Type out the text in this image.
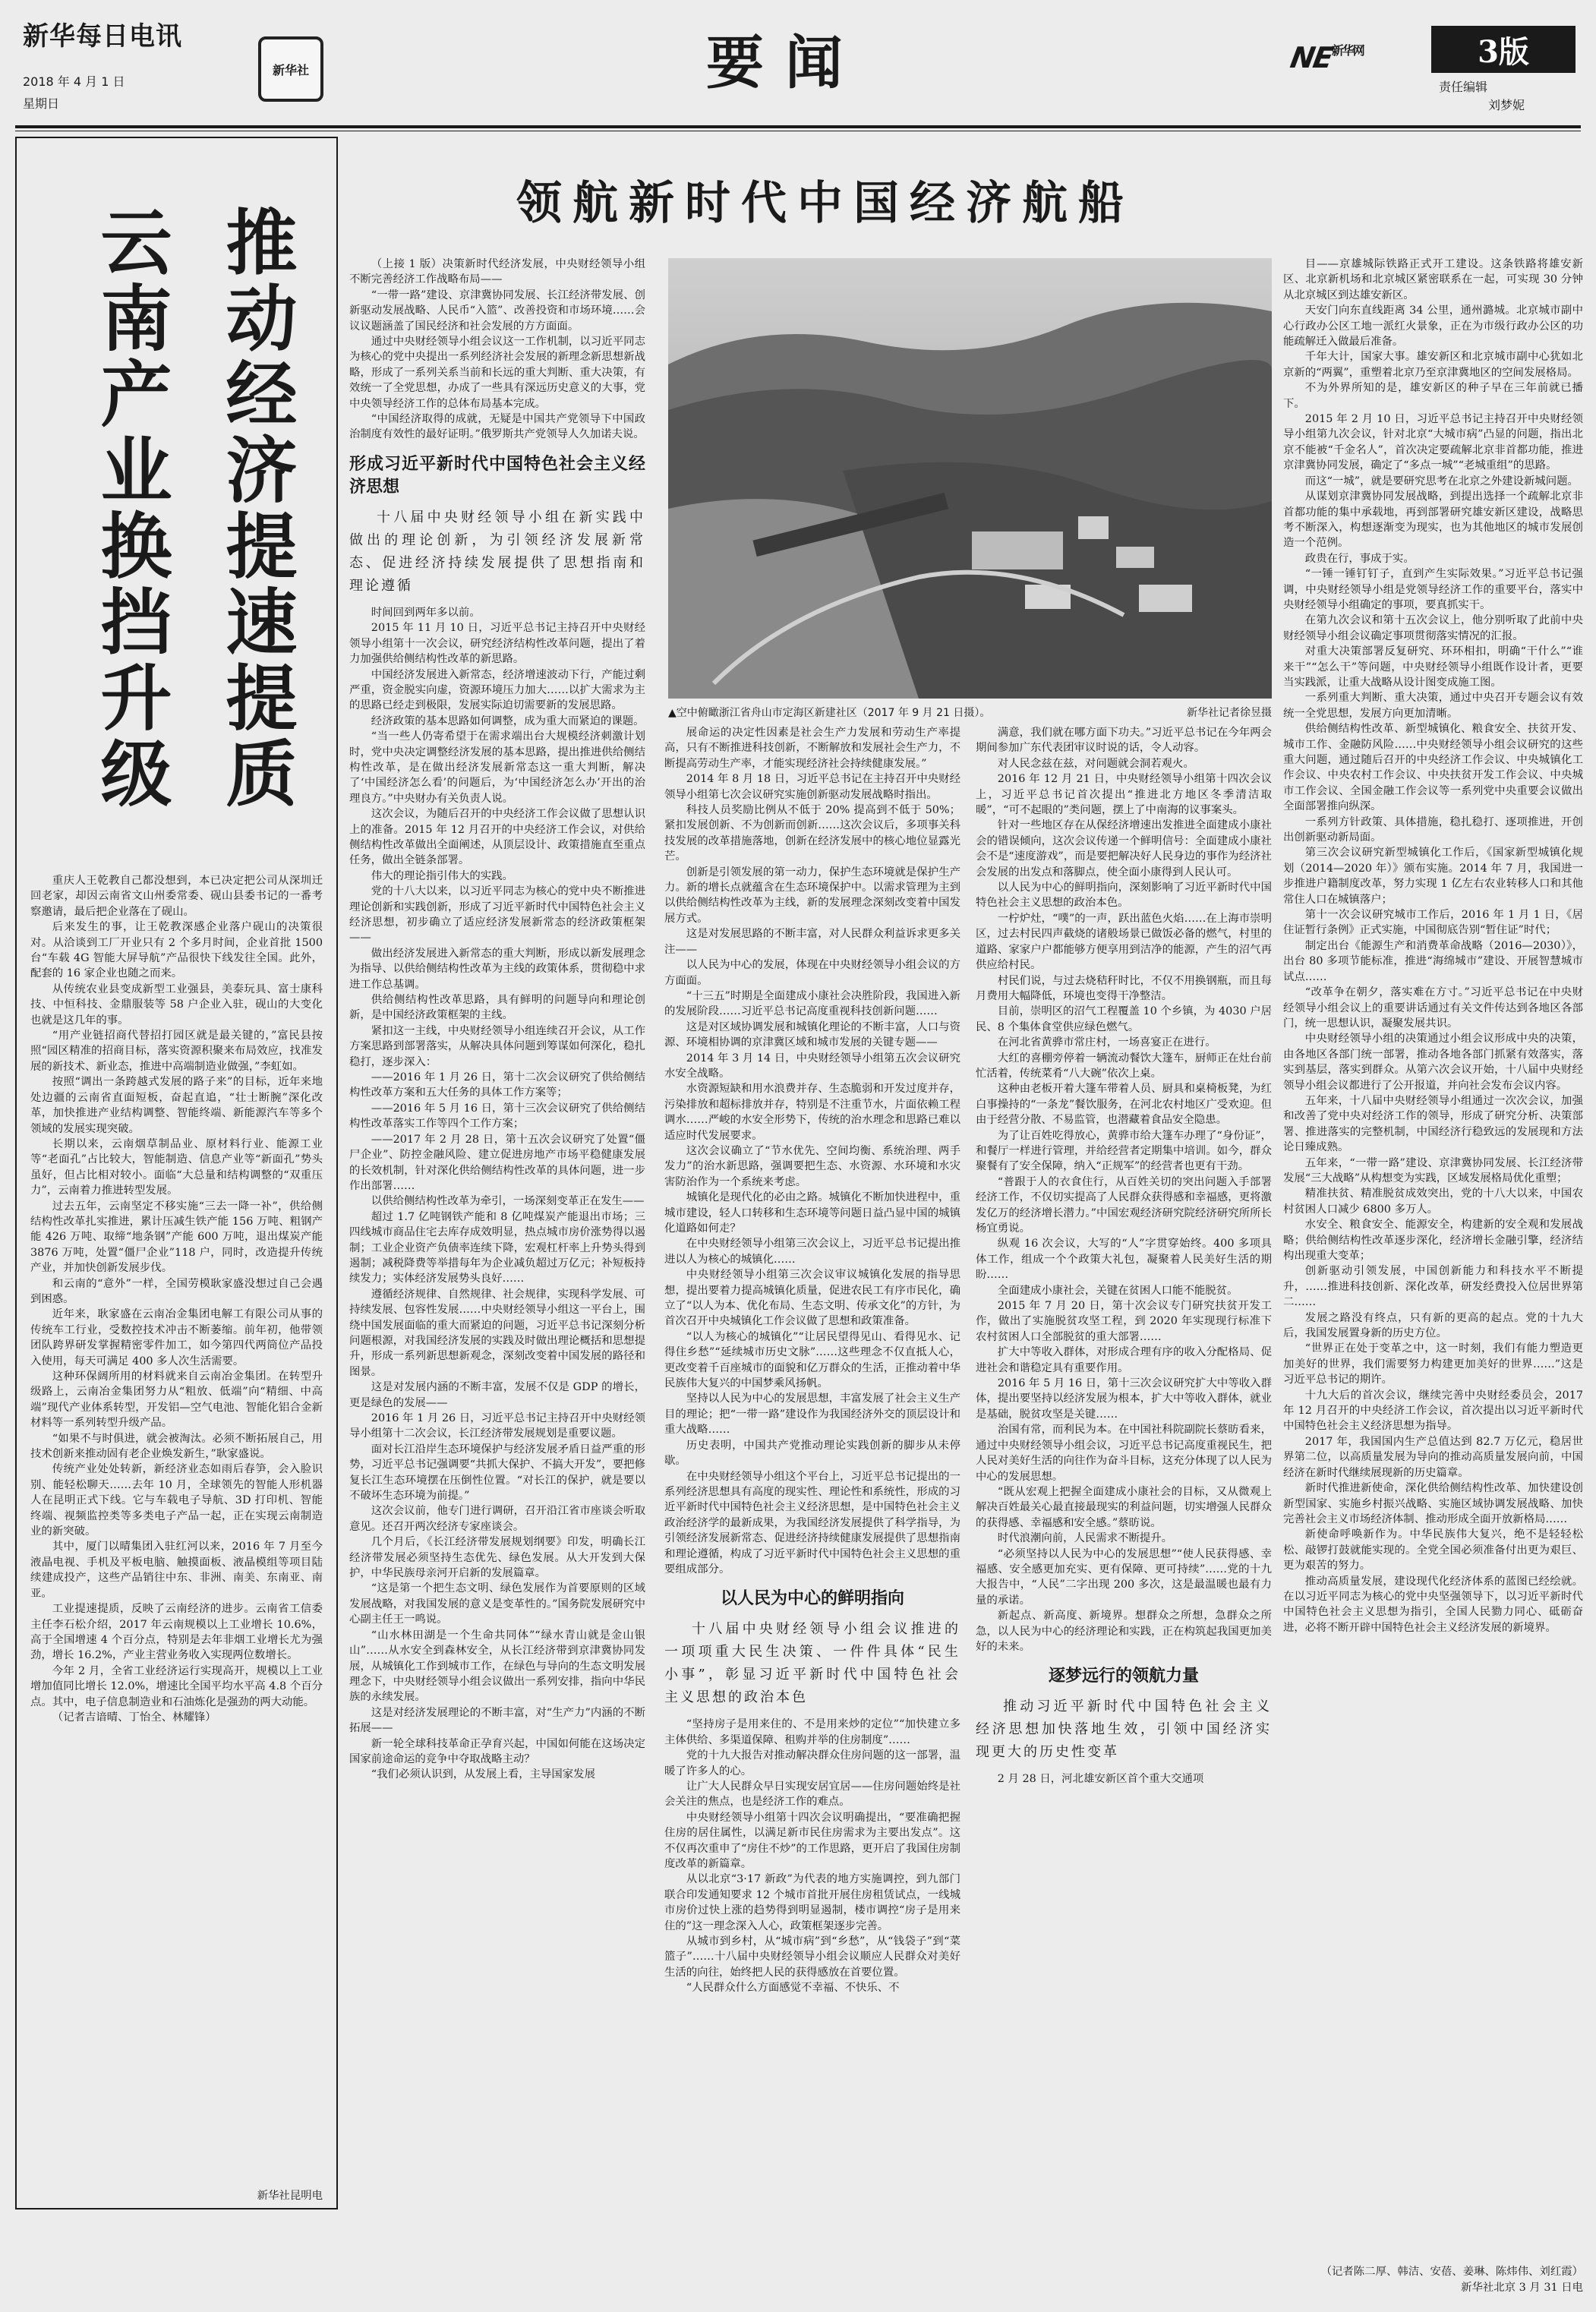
新华每日电讯
2018 年 4 月 1 日
星期日
新华社	要闻	$NE^{新华网}$	3版
责任编辑
刘梦妮
推动经济提速提质
云南产业换挡升级

重庆人王乾教自己都没想到，本已决定把公司从深圳迁回老家，却因云南省文山州委常委、砚山县委书记的一番考察邀请，最后把企业落在了砚山。

后来发生的事，让王乾教深感企业落户砚山的决策很对。从洽谈到工厂开业只有 2 个多月时间，企业首批 1500 台“车载 4G 智能大屏导航”产品很快下线发往全国。此外，配套的 16 家企业也随之而来。

从传统农业县变成新型工业强县，美泰玩具、富士康科技、中恒科技、金鼎服装等 58 户企业入驻，砚山的大变化也就是这几年的事。

“用产业链招商代替招打园区就是最关键的，”富民县按照“园区精准的招商目标，落实资源积聚来布局效应，找准发展的新技术、新业态，推进中高端制造业做强，”李虹如。

按照“调出一条跨越式发展的路子来”的目标，近年来地处边疆的云南省直面短板，奋起直追，“壮士断腕”深化改革，加快推进产业结构调整、智能终端、新能源汽车等多个领域的发展实现突破。

长期以来，云南烟草制品业、原材料行业、能源工业等“老面孔”占比较大，智能制造、信息产业等“新面孔”势头虽好，但占比相对较小。面临“大总量和结构调整的“双重压力”，云南着力推进转型发展。

过去五年，云南坚定不移实施“三去一降一补”，供给侧结构性改革扎实推进，累计压减生铁产能 156 万吨、粗钢产能 426 万吨、取缔“地条钢”产能 600 万吨，退出煤炭产能 3876 万吨，处置“僵尸企业”118 户，同时，改造提升传统产业，并加快创新发展步伐。

和云南的“意外”一样，全国劳模耿家盛没想过自己会遇到困惑。

近年来，耿家盛在云南冶金集团电解工有限公司从事的传统车工行业，受数控技术冲击不断萎缩。前年初，他带领团队跨界研发掌握精密零件加工，如今第四代两筒位产品投入使用，每天可满足 400 多人次生活需要。

这种环保阔所用的材料就来自云南冶金集团。在转型升级路上，云南冶金集团努力从“粗放、低端”向“精细、中高端”现代产业体系转型，开发铝—空气电池、智能化铝合金新材料等一系列转型升级产品。

“如果不与时俱进，就会被淘汰。必须不断拓展自己，用技术创新来推动固有老企业焕发新生，”耿家盛说。

传统产业处处转新，新经济业态如雨后春笋，会入脸识别、能轻松聊天……去年 10 月，全球领先的智能人形机器人在昆明正式下线。它与车载电子导航、3D 打印机、智能终端、视频监控类等多类电子产品一起，正在实现云南制造业的新突破。

其中，厦门以晴集团入驻红河以来，2016 年 7 月至今液晶电视、手机及平板电脑、触摸面板、液晶模组等项目陆续建成投产，这些产品销往中东、非洲、南美、东南亚、南亚。

工业提速提质，反映了云南经济的进步。云南省工信委主任李石松介绍，2017 年云南规模以上工业增长 10.6%，高于全国增速 4 个百分点，特别是去年非烟工业增长尤为强劲，增长 16.2%，产业主营业务收入实现两位数增长。

今年 2 月，全省工业经济运行实现高开，规模以上工业增加值同比增长 12.0%，增速比全国平均水平高 4.8 个百分点。其中，电子信息制造业和石油炼化是强劲的两大动能。

（记者吉谙晴、丁怡全、林耀锋）

新华社昆明电
领航新时代中国经济航船
▲空中俯瞰浙江省舟山市定海区新建社区（2017 年 9 月 21 日摄）。	新华社记者徐昱摄

（上接 1 版）决策新时代经济发展，中央财经领导小组不断完善经济工作战略布局——

“一带一路”建设、京津冀协同发展、长江经济带发展、创新驱动发展战略、人民币“入篮”、改善投资和市场环境……会议议题涵盖了国民经济和社会发展的方方面面。

通过中央财经领导小组会议这一工作机制，以习近平同志为核心的党中央提出一系列经济社会发展的新理念新思想新战略，形成了一系列关系当前和长远的重大判断、重大决策，有效统一了全党思想，办成了一些具有深远历史意义的大事，党中央领导经济工作的总体布局基本完成。

“中国经济取得的成就，无疑是中国共产党领导下中国政治制度有效性的最好证明。”俄罗斯共产党领导人久加诺夫说。

形成习近平新时代中国特色社会主义经济思想
十八届中央财经领导小组在新实践中做出的理论创新，为引领经济发展新常态、促进经济持续发展提供了思想指南和理论遵循

时间回到两年多以前。

2015 年 11 月 10 日，习近平总书记主持召开中央财经领导小组第十一次会议，研究经济结构性改革问题，提出了着力加强供给侧结构性改革的新思路。

中国经济发展进入新常态，经济增速波动下行，产能过剩严重，资金脱实向虚，资源环境压力加大……以扩大需求为主的思路已经走到极限，发展实际迫切需要新的发展思路。

经济政策的基本思路如何调整，成为重大而紧迫的课题。

“当一些人仍寄希望于在需求端出台大规模经济刺激计划时，党中央决定调整经济发展的基本思路，提出推进供给侧结构性改革，是在做出经济发展新常态这一重大判断，解决了‘中国经济怎么看’的问题后，为‘中国经济怎么办’开出的治理良方。”中央财办有关负责人说。

这次会议，为随后召开的中央经济工作会议做了思想认识上的准备。2015 年 12 月召开的中央经济工作会议，对供给侧结构性改革做出全面阐述，从顶层设计、政策措施直至重点任务，做出全链条部署。

伟大的理论指引伟大的实践。

党的十八大以来，以习近平同志为核心的党中央不断推进理论创新和实践创新，形成了习近平新时代中国特色社会主义经济思想，初步确立了适应经济发展新常态的经济政策框架——

做出经济发展进入新常态的重大判断，形成以新发展理念为指导、以供给侧结构性改革为主线的政策体系，贯彻稳中求进工作总基调。

供给侧结构性改革思路，具有鲜明的问题导向和理论创新，是中国经济政策框架的主线。

紧扣这一主线，中央财经领导小组连续召开会议，从工作方案思路到部署落实，从解决具体问题到筹谋如何深化，稳扎稳打，逐步深入：

——2016 年 1 月 26 日，第十二次会议研究了供给侧结构性改革方案和五大任务的具体工作方案等；

——2016 年 5 月 16 日，第十三次会议研究了供给侧结构性改革落实工作等四个工作方案；

——2017 年 2 月 28 日，第十五次会议研究了处置“僵尸企业”、防控金融风险、建立促进房地产市场平稳健康发展的长效机制，针对深化供给侧结构性改革的具体问题，进一步作出部署……

以供给侧结构性改革为牵引，一场深刻变革正在发生——

超过 1.7 亿吨钢铁产能和 8 亿吨煤炭产能退出市场；三四线城市商品住宅去库存成效明显，热点城市房价涨势得以遏制；工业企业资产负债率连续下降，宏观杠杆率上升势头得到遏制；减税降费等举措每年为企业减负超过万亿元；补短板持续发力；实体经济发展势头良好……

遵循经济规律、自然规律、社会规律，实现科学发展、可持续发展、包容性发展……中央财经领导小组这一平台上，围绕中国发展面临的重大而紧迫的问题，习近平总书记深刻分析问题根源，对我国经济发展的实践及时做出理论概括和思想提升，形成一系列新思想新观念，深刻改变着中国发展的路径和图景。

这是对发展内涵的不断丰富，发展不仅是 GDP 的增长，更是绿色的发展——

2016 年 1 月 26 日，习近平总书记主持召开中央财经领导小组第十二次会议，长江经济带发展规划是重要议题。

面对长江沿岸生态环境保护与经济发展矛盾日益严重的形势，习近平总书记强调要“共抓大保护、不搞大开发”，要把修复长江生态环境摆在压倒性位置。“对长江的保护，就是要以不破坏生态环境为前提。”

这次会议前，他专门进行调研，召开沿江省市座谈会听取意见。还召开两次经济专家座谈会。

几个月后，《长江经济带发展规划纲要》印发，明确长江经济带发展必须坚持生态优先、绿色发展。从大开发到大保护，中华民族母亲河开启新的发展篇章。

“这是第一个把生态文明、绿色发展作为首要原则的区域发展战略，对我国发展的意义是变革性的。”国务院发展研究中心副主任王一鸣说。

“山水林田湖是一个生命共同体”“绿水青山就是金山银山”……从水安全到森林安全，从长江经济带到京津冀协同发展，从城镇化工作到城市工作，在绿色与导向的生态文明发展理念下，中央财经领导小组会议做出一系列安排，指向中华民族的永续发展。

这是对经济发展理论的不断丰富，对“生产力”内涵的不断拓展——

新一轮全球科技革命正孕育兴起，中国如何能在这场决定国家前途命运的竞争中夺取战略主动？

“我们必须认识到，从发展上看，主导国家发展

展命运的决定性因素是社会生产力发展和劳动生产率提高，只有不断推进科技创新，不断解放和发展社会生产力，不断提高劳动生产率，才能实现经济社会持续健康发展。”

2014 年 8 月 18 日，习近平总书记在主持召开中央财经领导小组第七次会议研究实施创新驱动发展战略时指出。

科技人员奖励比例从不低于 20% 提高到不低于 50%；紧扣发展创新、不为创新而创新……这次会议后，多项事关科技发展的改革措施落地，创新在经济发展中的核心地位显露光芒。

创新是引领发展的第一动力，保护生态环境就是保护生产力。新的增长点就蕴含在生态环境保护中。以需求管理为主到以供给侧结构性改革为主线，新的发展理念深刻改变着中国发展方式。

这是对发展思路的不断丰富，对人民群众利益诉求更多关注——

以人民为中心的发展，体现在中央财经领导小组会议的方方面面。

“十三五”时期是全面建成小康社会决胜阶段，我国进入新的发展阶段……习近平总书记高度重视科技创新问题……

这是对区域协调发展和城镇化理论的不断丰富，人口与资源、环境相协调的京津冀区域和城市发展的关键专题——

2014 年 3 月 14 日，中央财经领导小组第五次会议研究水安全战略。

水资源短缺和用水浪费并存、生态脆弱和开发过度并存，污染排放和超标排放并存，特别是不注重节水，片面依赖工程调水……严峻的水安全形势下，传统的治水理念和思路已难以适应时代发展要求。

这次会议确立了“节水优先、空间均衡、系统治理、两手发力”的治水新思路，强调要把生态、水资源、水环境和水灾害防治作为一个系统来考虑。

城镇化是现代化的必由之路。城镇化不断加快进程中，重城市建设，轻人口转移和生态环境等问题日益凸显中国的城镇化道路如何走？

在中央财经领导小组第三次会议上，习近平总书记提出推进以人为核心的城镇化……

中央财经领导小组第三次会议审议城镇化发展的指导思想，提出要着力提高城镇化质量，促进农民工有序市民化，确立了“以人为本、优化布局、生态文明、传承文化”的方针，为首次召开中央城镇化工作会议做了思想和政策准备。

“以人为核心的城镇化”“让居民望得见山、看得见水、记得住乡愁”“延续城市历史文脉”……这些理念不仅直抵人心，更改变着千百座城市的面貌和亿万群众的生活，正推动着中华民族伟大复兴的中国梦乘风扬帆。

坚持以人民为中心的发展思想，丰富发展了社会主义生产目的理论；把“一带一路”建设作为我国经济外交的顶层设计和重大战略……

历史表明，中国共产党推动理论实践创新的脚步从未停歇。

在中央财经领导小组这个平台上，习近平总书记提出的一系列经济思想具有高度的现实性、理论性和系统性，形成的习近平新时代中国特色社会主义经济思想，是中国特色社会主义政治经济学的最新成果，为我国经济发展提供了科学指导，为引领经济发展新常态、促进经济持续健康发展提供了思想指南和理论遵循，构成了习近平新时代中国特色社会主义思想的重要组成部分。

以人民为中心的鲜明指向
十八届中央财经领导小组会议推进的一项项重大民生决策、一件件具体“民生小事”，彰显习近平新时代中国特色社会主义思想的政治本色

“坚持房子是用来住的、不是用来炒的定位”“加快建立多主体供给、多渠道保障、租购并举的住房制度”……

党的十九大报告对推动解决群众住房问题的这一部署，温暖了许多人的心。

让广大人民群众早日实现安居宜居——住房问题始终是社会关注的焦点，也是经济工作的难点。

中央财经领导小组第十四次会议明确提出，“要准确把握住房的居住属性，以满足新市民住房需求为主要出发点”。这不仅再次重申了“房住不炒”的工作思路，更开启了我国住房制度改革的新篇章。

从以北京“3·17 新政”为代表的地方实施调控，到九部门联合印发通知要求 12 个城市首批开展住房租赁试点，一线城市房价过快上涨的趋势得到明显遏制，楼市调控“房子是用来住的”这一理念深入人心，政策框架逐步完善。

从城市到乡村，从“城市病”到“乡愁”，从“钱袋子”到“菜篮子”……十八届中央财经领导小组会议顺应人民群众对美好生活的向往，始终把人民的获得感放在首要位置。

“人民群众什么方面感觉不幸福、不快乐、不

满意，我们就在哪方面下功夫。”习近平总书记在今年两会期间参加广东代表团审议时说的话，令人动容。

对人民念兹在兹，对问题就会洞若观火。

2016 年 12 月 21 日，中央财经领导小组第十四次会议上，习近平总书记首次提出“推进北方地区冬季清洁取暖”，“可不起眼的”类问题，摆上了中南海的议事案头。

针对一些地区存在从保经济增速出发推进全面建成小康社会的错误倾向，这次会议传递一个鲜明信号：全面建成小康社会不是“速度游戏”，而是要把解决好人民身边的事作为经济社会发展的出发点和落脚点，使全面小康得到人民认可。

以人民为中心的鲜明指向，深刻影响了习近平新时代中国特色社会主义思想的政治本色。

一柠炉灶，“噗”的一声，跃出蓝色火焰……在上海市崇明区，过去村民四声截烧的诸般场景已做饭必备的燃气，村里的道路、家家户户都能够方便享用到洁净的能源，产生的沼气再供应给村民。

村民们说，与过去烧秸秆时比，不仅不用换钢瓶，而且每月费用大幅降低，环境也变得干净整洁。

目前，崇明区的沼气工程覆盖 10 个乡镇，为 4030 户居民、8 个集体食堂供应绿色燃气。

在河北省黄骅市常庄村，一场喜宴正在进行。

大红的喜棚旁停着一辆流动餐饮大篷车，厨师正在灶台前忙活着，传统菜肴“八大碗”依次上桌。

这种由老板开着大篷车带着人员、厨具和桌椅板凳，为红白事操持的“一条龙”餐饮服务，在河北农村地区广受欢迎。但由于经营分散、不易监管，也潜藏着食品安全隐患。

为了让百姓吃得放心，黄骅市给大篷车办理了“身份证”，和餐厅一样进行管理，并给经营者定期集中培训。如今，群众聚餐有了安全保障，纳入“正规军”的经营者也更有干劲。

“普跟于人的衣食住行，从百姓关切的突出问题入手部署经济工作，不仅切实提高了人民群众获得感和幸福感，更将激发亿万的经济增长潜力。”中国宏观经济研究院经济研究所所长杨宜勇说。

纵观 16 次会议，大写的“人”字贯穿始终。400 多项具体工作，组成一个个政策大礼包，凝聚着人民美好生活的期盼……

全面建成小康社会，关键在贫困人口能不能脱贫。

2015 年 7 月 20 日，第十次会议专门研究扶贫开发工作，做出了实施脱贫攻坚工程，到 2020 年实现现行标准下农村贫困人口全部脱贫的重大部署……

扩大中等收入群体，对形成合理有序的收入分配格局、促进社会和谐稳定具有重要作用。

2016 年 5 月 16 日，第十三次会议研究扩大中等收入群体，提出要坚持以经济发展为根本，扩大中等收入群体，就业是基础，脱贫攻坚是关键……

治国有常，而利民为本。在中国社科院副院长蔡昉看来，通过中央财经领导小组会议，习近平总书记高度重视民生，把人民对美好生活的向往作为奋斗目标，这充分体现了以人民为中心的发展思想。

“既从宏观上把握全面建成小康社会的目标，又从微观上解决百姓最关心最直接最现实的利益问题，切实增强人民群众的获得感、幸福感和安全感。”蔡昉说。

时代浪潮向前，人民需求不断提升。

“必须坚持以人民为中心的发展思想”“使人民获得感、幸福感、安全感更加充实、更有保障、更可持续”……党的十九大报告中，“人民”二字出现 200 多次，这是最温暖也最有力量的承诺。

新起点、新高度、新境界。想群众之所想，急群众之所急，以人民为中心的经济理论和实践，正在构筑起我国更加美好的未来。

逐梦远行的领航力量
推动习近平新时代中国特色社会主义经济思想加快落地生效，引领中国经济实现更大的历史性变革

2 月 28 日，河北雄安新区首个重大交通项

目——京雄城际铁路正式开工建设。这条铁路将雄安新区、北京新机场和北京城区紧密联系在一起，可实现 30 分钟从北京城区到达雄安新区。

天安门向东直线距离 34 公里，通州潞城。北京城市副中心行政办公区工地一派红火景象，正在为市级行政办公区的功能疏解迁入做最后准备。

千年大计，国家大事。雄安新区和北京城市副中心犹如北京新的“两翼”，重塑着北京乃至京津冀地区的空间发展格局。

不为外界所知的是，雄安新区的种子早在三年前就已播下。

2015 年 2 月 10 日，习近平总书记主持召开中央财经领导小组第九次会议，针对北京“大城市病”凸显的问题，指出北京不能被“千金名人”，首次决定要疏解北京非首都功能，推进京津冀协同发展，确定了“多点一城”“老城重组”的思路。

而这“一城”，就是要研究思考在北京之外建设新城问题。

从谋划京津冀协同发展战略，到提出选择一个疏解北京非首都功能的集中承载地，再到部署研究雄安新区建设，战略思考不断深入，构想逐渐变为现实，也为其他地区的城市发展创造一个范例。

政贵在行，事成于实。

“一锤一锤钉钉子，直到产生实际效果。”习近平总书记强调，中央财经领导小组是党领导经济工作的重要平台，落实中央财经领导小组确定的事项，要真抓实干。

在第九次会议和第十五次会议上，他分别听取了此前中央财经领导小组会议确定事项贯彻落实情况的汇报。

对重大决策部署反复研究、环环相扣，明确“干什么”“谁来干”“怎么干”等问题，中央财经领导小组既作设计者，更要当实践派，让重大战略从设计图变成施工图。

一系列重大判断、重大决策，通过中央召开专题会议有效统一全党思想，发展方向更加清晰。

供给侧结构性改革、新型城镇化、粮食安全、扶贫开发、城市工作、金融防风险……中央财经领导小组会议研究的这些重大问题，通过随后召开的中央经济工作会议、中央城镇化工作会议、中央农村工作会议、中央扶贫开发工作会议、中央城市工作会议、全国金融工作会议等一系列党中央重要会议做出全面部署推向纵深。

一系列方针政策、具体措施，稳扎稳打、逐项推进，开创出创新驱动新局面。

第三次会议研究新型城镇化工作后，《国家新型城镇化规划（2014—2020 年）》颁布实施。2014 年 7 月，我国进一步推进户籍制度改革，努力实现 1 亿左右农业转移人口和其他常住人口在城镇落户；

第十一次会议研究城市工作后，2016 年 1 月 1 日，《居住证暂行条例》正式实施，中国彻底告别“暂住证”时代；

制定出台《能源生产和消费革命战略（2016—2030）》，出台 80 多项节能标准，推进“海绵城市”建设、开展智慧城市试点……

“改革争在朝夕，落实难在方寸。”习近平总书记在中央财经领导小组会议上的重要讲话通过有关文件传达到各地区各部门，统一思想认识，凝聚发展共识。

中央财经领导小组的决策通过小组会议形成中央的决策，由各地区各部门统一部署，推动各地各部门抓紧有效落实，落实到基层，落实到群众。从第六次会议开始，十八届中央财经领导小组会议都进行了公开报道，并向社会发布会议内容。

五年来，十八届中央财经领导小组通过一次次会议，加强和改善了党中央对经济工作的领导，形成了研究分析、决策部署、推进落实的完整机制，中国经济行稳致远的发展现和方法论日臻成熟。

五年来，“一带一路”建设、京津冀协同发展、长江经济带发展“三大战略”从构想变为实践，区域发展格局优化重塑；

精准扶贫、精准脱贫成效突出，党的十八大以来，中国农村贫困人口减少 6800 多万人。

水安全、粮食安全、能源安全，构建新的安全观和发展战略；供给侧结构性改革逐步深化，经济增长金融引擎，经济结构出现重大变革；

创新驱动引领发展，中国创新能力和科技水平不断提升，……推进科技创新、深化改革，研发经费投入位居世界第二……

发展之路没有终点，只有新的更高的起点。党的十九大后，我国发展置身新的历史方位。

“世界正在处于变革之中，这一时刻，我们有能力塑造更加美好的世界，我们需要努力构建更加美好的世界……”这是习近平总书记的期许。

十九大后的首次会议，继续完善中央财经委员会，2017 年 12 月召开的中央经济工作会议，首次提出以习近平新时代中国特色社会主义经济思想为指导。

2017 年，我国国内生产总值达到 82.7 万亿元，稳居世界第二位，以高质量发展为导向的推动高质量发展向前，中国经济在新时代继续展现新的历史篇章。

新时代推进新使命，深化供给侧结构性改革、加快建设创新型国家、实施乡村振兴战略、实施区域协调发展战略、加快完善社会主义市场经济体制、推动形成全面开放新格局……

新使命呼唤新作为。中华民族伟大复兴，绝不是轻轻松松、敲锣打鼓就能实现的。全党全国必须准备付出更为艰巨、更为艰苦的努力。

推动高质量发展，建设现代化经济体系的蓝图已经绘就。在以习近平同志为核心的党中央坚强领导下，以习近平新时代中国特色社会主义思想为指引，全国人民勠力同心、砥砺奋进，必将不断开辟中国特色社会主义经济发展的新境界。

（记者陈二厚、韩洁、安蓓、姜琳、陈炜伟、刘红霞）
新华社北京 3 月 31 日电
